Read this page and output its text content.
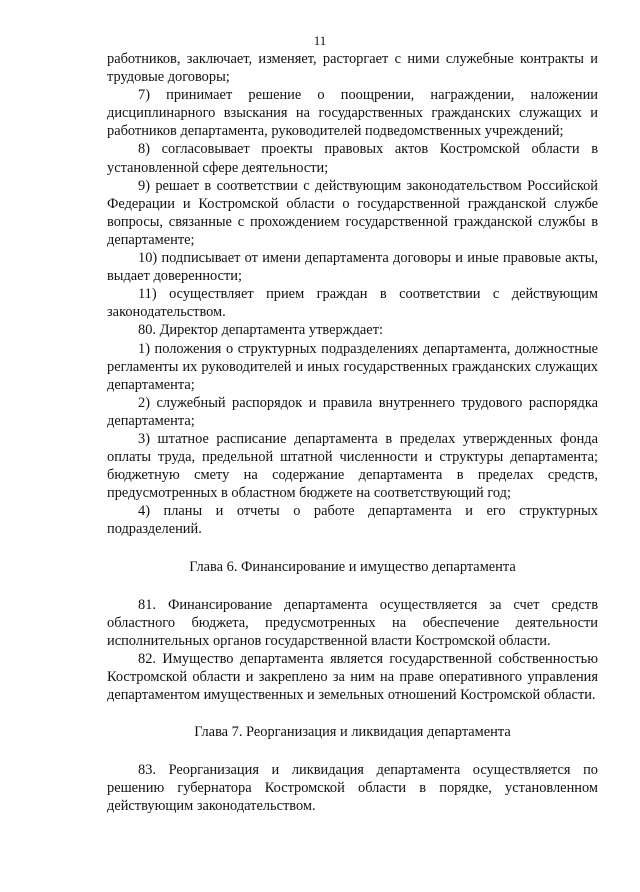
11

работников, заключает, изменяет, расторгает с ними служебные контракты и трудовые договоры;

7) принимает решение о поощрении, награждении, наложении дисциплинарного взыскания на государственных гражданских служащих и работников департамента, руководителей подведомственных учреждений;

8) согласовывает проекты правовых актов Костромской области в установленной сфере деятельности;

9) решает в соответствии с действующим законодательством Российской Федерации и Костромской области о государственной гражданской службе вопросы, связанные с прохождением государственной гражданской службы в департаменте;

10) подписывает от имени департамента договоры и иные правовые акты, выдает доверенности;

11) осуществляет прием граждан в соответствии с действующим законодательством.

80. Директор департамента утверждает:

1) положения о структурных подразделениях департамента, должностные регламенты их руководителей и иных государственных гражданских служащих департамента;

2) служебный распорядок и правила внутреннего трудового распорядка департамента;

3) штатное расписание департамента в пределах утвержденных фонда оплаты труда, предельной штатной численности и структуры департамента; бюджетную смету на содержание департамента в пределах средств, предусмотренных в областном бюджете на соответствующий год;

4) планы и отчеты о работе департамента и его структурных подразделений.

Глава 6. Финансирование и имущество департамента

81. Финансирование департамента осуществляется за счет средств областного бюджета, предусмотренных на обеспечение деятельности исполнительных органов государственной власти Костромской области.

82. Имущество департамента является государственной собственностью Костромской области и закреплено за ним на праве оперативного управления департаментом имущественных и земельных отношений Костромской области.

Глава 7. Реорганизация и ликвидация департамента

83. Реорганизация и ликвидация департамента осуществляется по решению губернатора Костромской области в порядке, установленном действующим законодательством.
